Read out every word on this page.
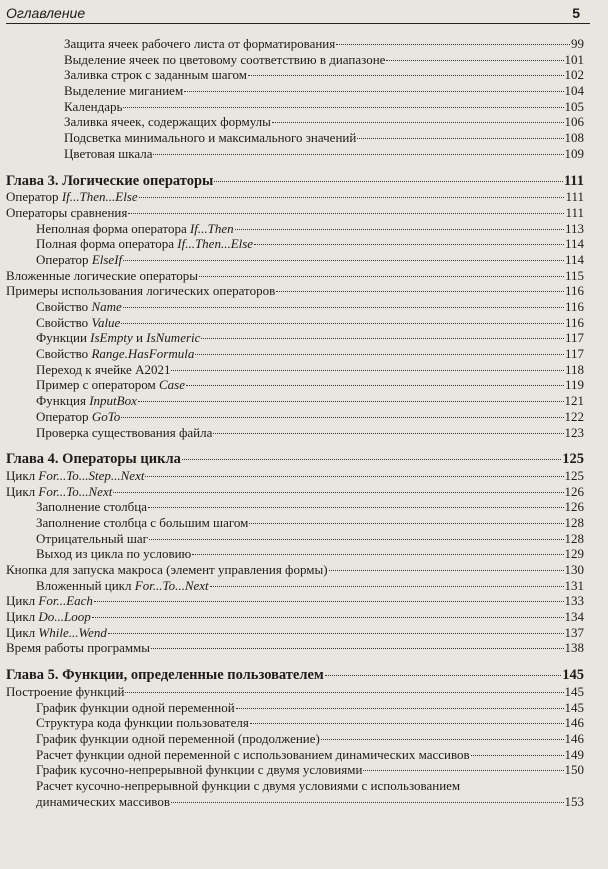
Оглавление	5
Защита ячеек рабочего листа от форматирования	99
Выделение ячеек по цветовому соответствию в диапазоне	101
Заливка строк с заданным шагом	102
Выделение миганием	104
Календарь	105
Заливка ячеек, содержащих формулы	106
Подсветка минимального и максимального значений	108
Цветовая шкала	109
Глава 3. Логические операторы	111
Оператор If...Then...Else	111
Операторы сравнения	111
Неполная форма оператора If...Then	113
Полная форма оператора If...Then...Else	114
Оператор ElseIf	114
Вложенные логические операторы	115
Примеры использования логических операторов	116
Свойство Name	116
Свойство Value	116
Функции IsEmpty и IsNumeric	117
Свойство Range.HasFormula	117
Переход к ячейке A2021	118
Пример с оператором Case	119
Функция InputBox	121
Оператор GoTo	122
Проверка существования файла	123
Глава 4. Операторы цикла	125
Цикл For...To...Step...Next	125
Цикл For...To...Next	126
Заполнение столбца	126
Заполнение столбца с большим шагом	128
Отрицательный шаг	128
Выход из цикла по условию	129
Кнопка для запуска макроса (элемент управления формы)	130
Вложенный цикл For...To...Next	131
Цикл For...Each	133
Цикл Do...Loop	134
Цикл While...Wend	137
Время работы программы	138
Глава 5. Функции, определенные пользователем	145
Построение функций	145
График функции одной переменной	145
Структура кода функции пользователя	146
График функции одной переменной (продолжение)	146
Расчет функции одной переменной с использованием динамических массивов	149
График кусочно-непрерывной функции с двумя условиями	150
Расчет кусочно-непрерывной функции с двумя условиями с использованием
динамических массивов	153
